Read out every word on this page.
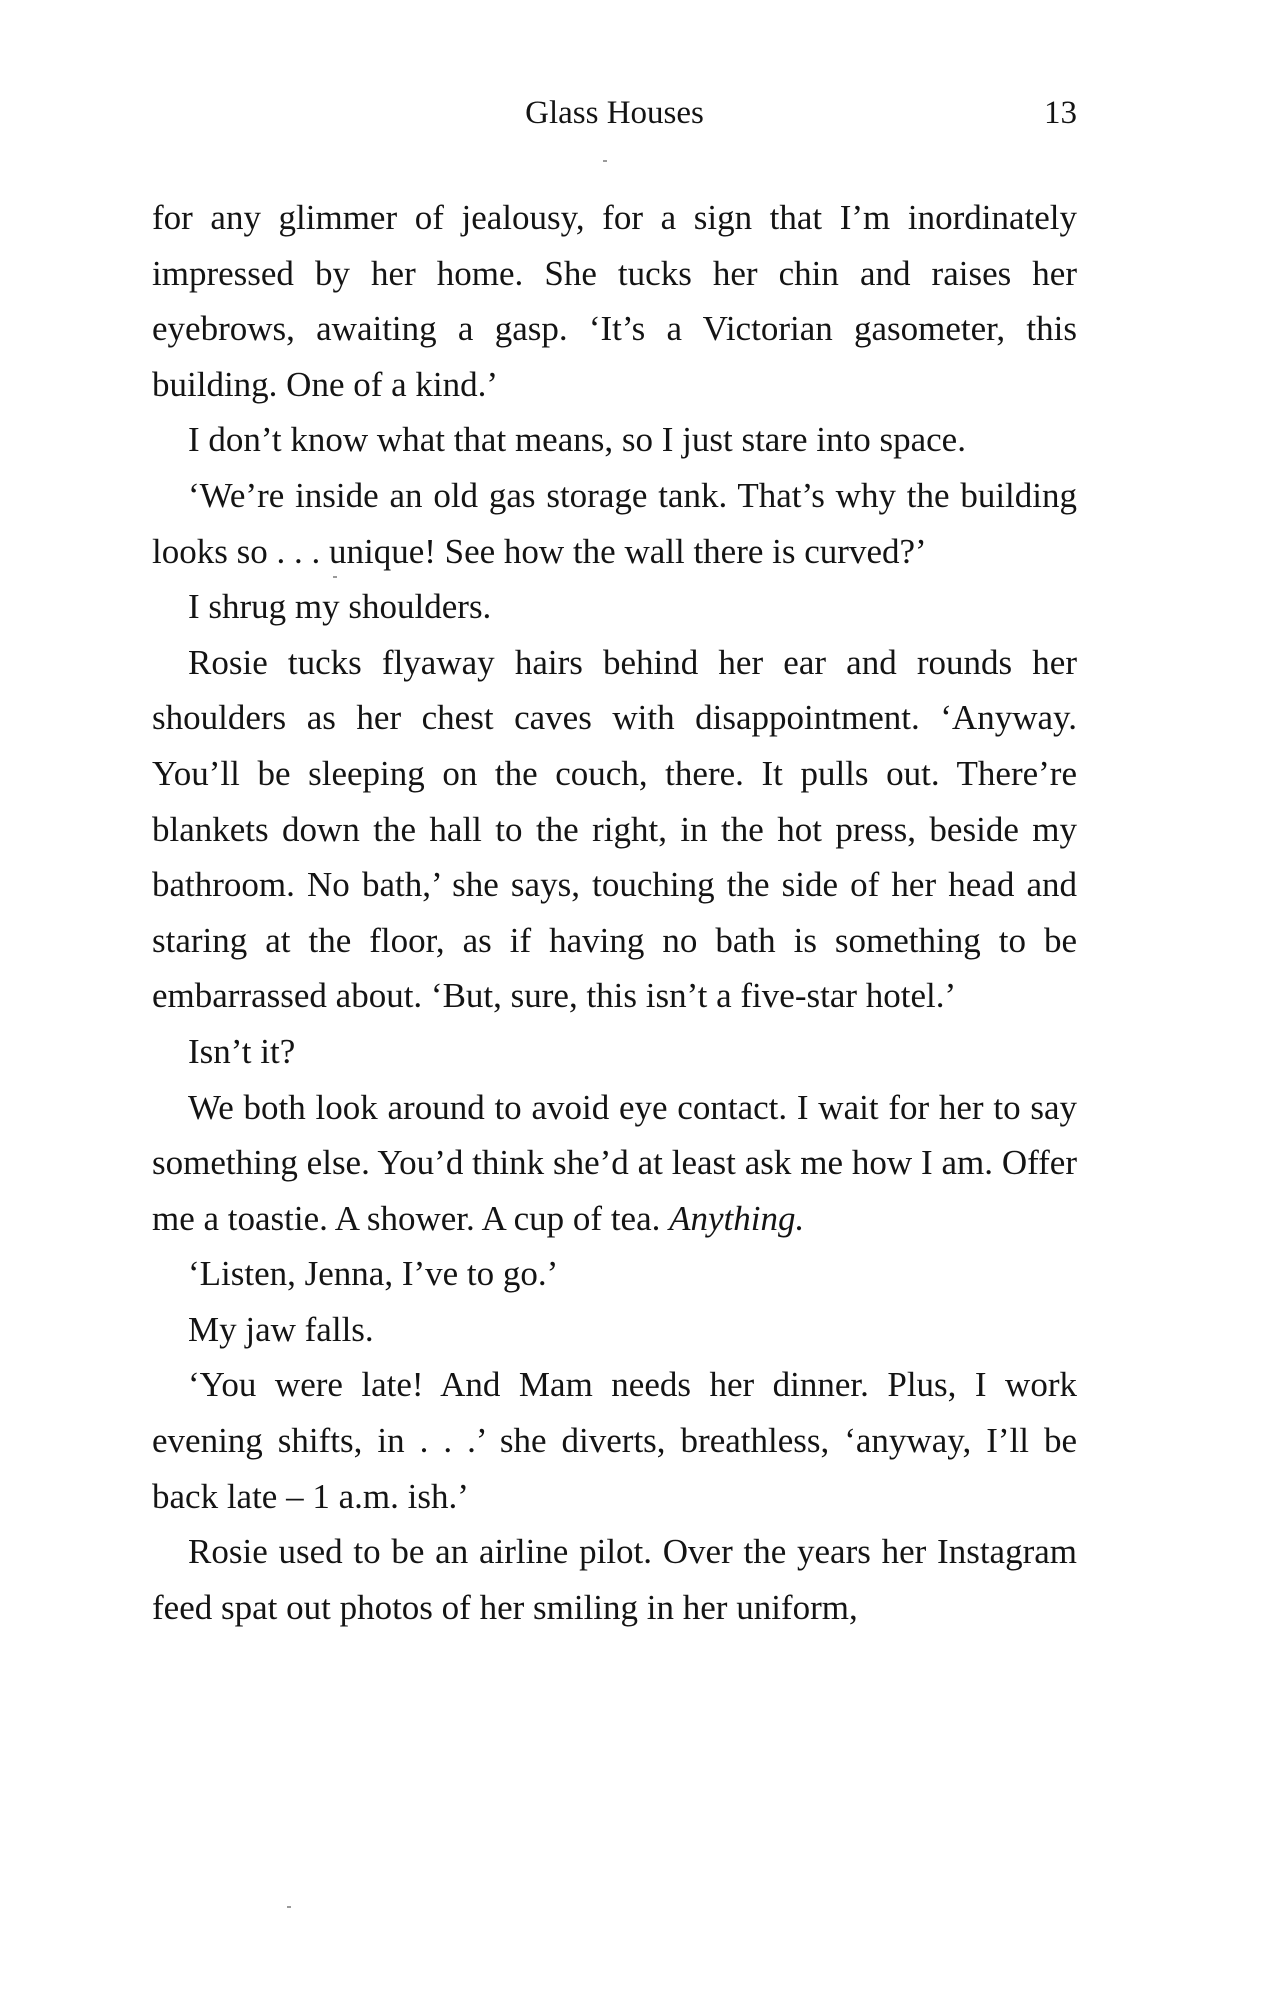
Glass Houses	13

for any glimmer of jealousy, for a sign that I’m inordinately impressed by her home. She tucks her chin and raises her eyebrows, awaiting a gasp. ‘It’s a Victorian gasometer, this building. One of a kind.’

I don’t know what that means, so I just stare into space.

‘We’re inside an old gas storage tank. That’s why the building looks so . . . unique! See how the wall there is curved?’

I shrug my shoulders.

Rosie tucks flyaway hairs behind her ear and rounds her shoulders as her chest caves with disappointment. ‘Anyway. You’ll be sleeping on the couch, there. It pulls out. There’re blankets down the hall to the right, in the hot press, beside my bathroom. No bath,’ she says, touching the side of her head and staring at the floor, as if having no bath is something to be embarrassed about. ‘But, sure, this isn’t a five-star hotel.’

Isn’t it?

We both look around to avoid eye contact. I wait for her to say something else. You’d think she’d at least ask me how I am. Offer me a toastie. A shower. A cup of tea. Anything.

‘Listen, Jenna, I’ve to go.’

My jaw falls.

‘You were late! And Mam needs her dinner. Plus, I work evening shifts, in . . .’ she diverts, breathless, ‘anyway, I’ll be back late – 1 a.m. ish.’

Rosie used to be an airline pilot. Over the years her Instagram feed spat out photos of her smiling in her uniform,
